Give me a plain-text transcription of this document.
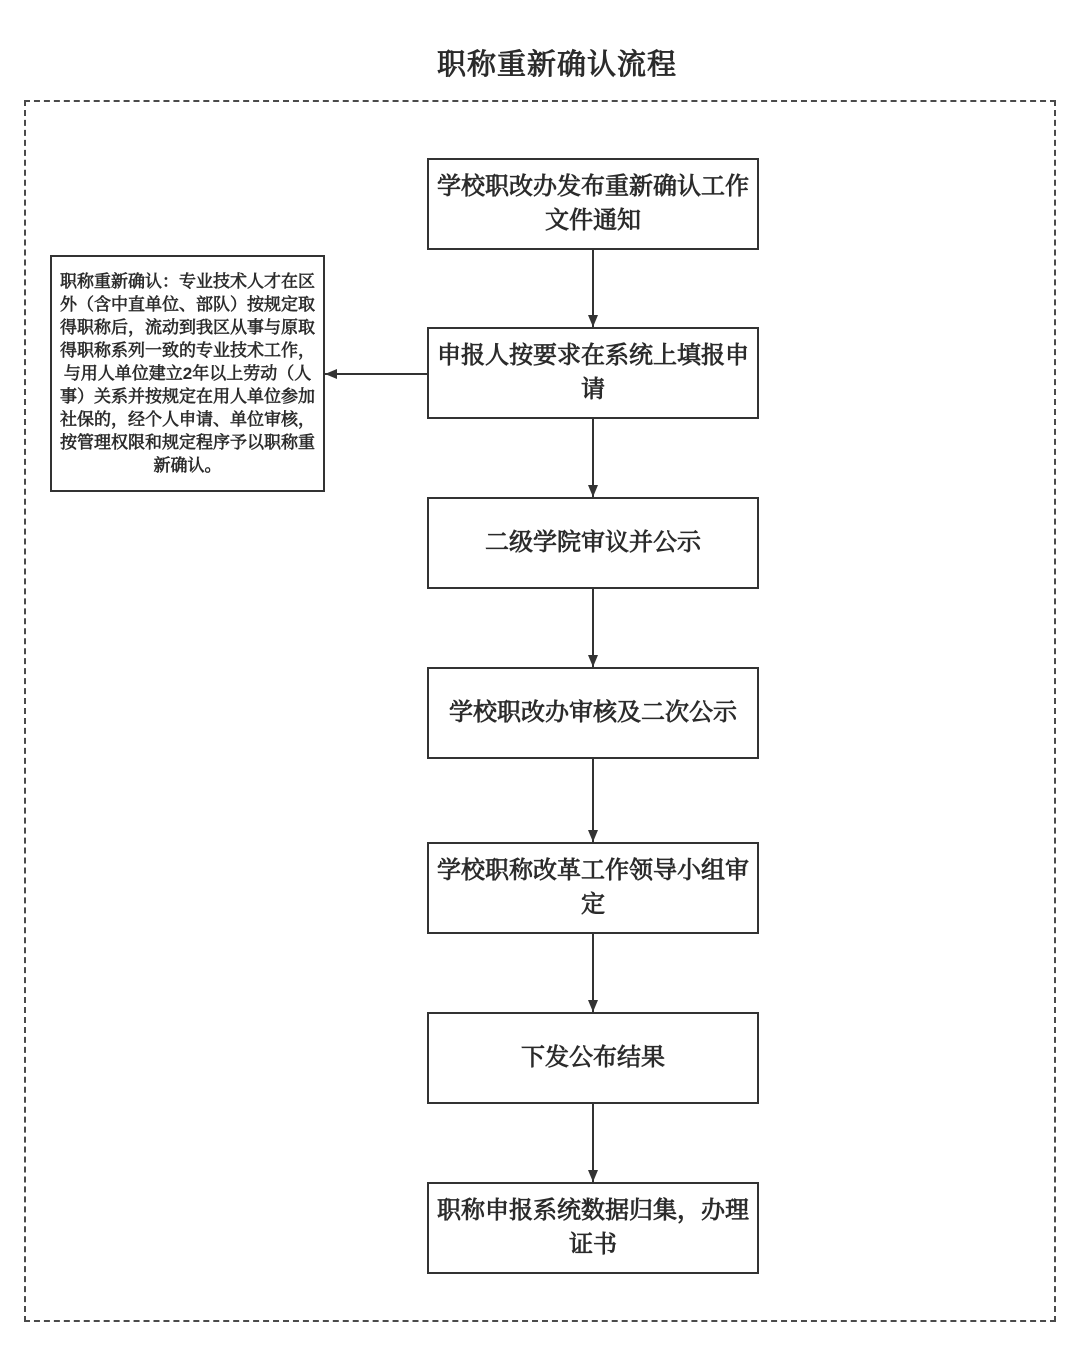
职称重新确认流程
学校职改办发布重新确认工作文件通知
申报人按要求在系统上填报申请
二级学院审议并公示
学校职改办审核及二次公示
学校职称改革工作领导小组审定
下发公布结果
职称申报系统数据归集，办理证书
职称重新确认：专业技术人才在区外（含中直单位、部队）按规定取得职称后，流动到我区从事与原取得职称系列一致的专业技术工作，与用人单位建立2年以上劳动（人事）关系并按规定在用人单位参加社保的，经个人申请、单位审核，按管理权限和规定程序予以职称重新确认。
